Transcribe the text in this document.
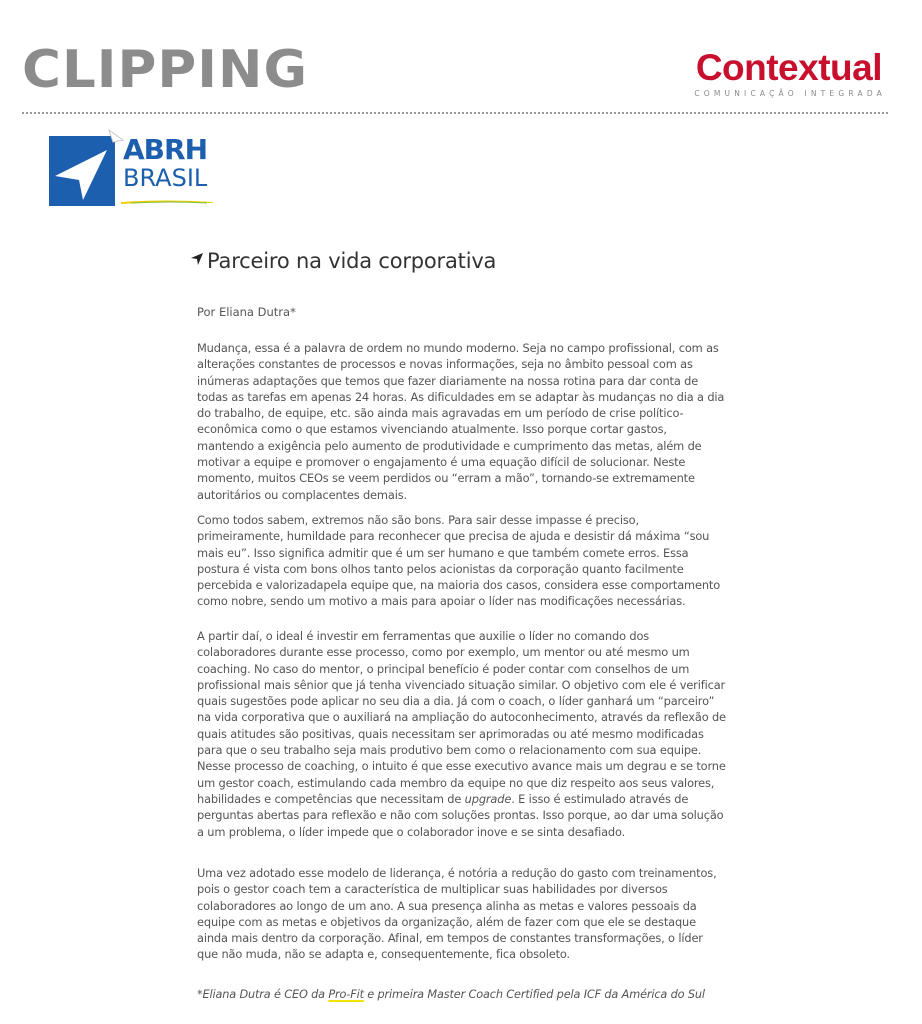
CLIPPING	Contextual
COMUNICAÇÃO INTEGRADA
ABRH
BRASIL
Parceiro na vida corporativa
Por Eliana Dutra*

Mudança, essa é a palavra de ordem no mundo moderno. Seja no campo profissional, com as alterações constantes de processos e novas informações, seja no âmbito pessoal com as inúmeras adaptações que temos que fazer diariamente na nossa rotina para dar conta de todas as tarefas em apenas 24 horas. As dificuldades em se adaptar às mudanças no dia a dia do trabalho, de equipe, etc. são ainda mais agravadas em um período de crise político-econômica como o que estamos vivenciando atualmente. Isso porque cortar gastos, mantendo a exigência pelo aumento de produtividade e cumprimento das metas, além de motivar a equipe e promover o engajamento é uma equação difícil de solucionar. Neste momento, muitos CEOs se veem perdidos ou “erram a mão”, tornando-se extremamente autoritários ou complacentes demais.

Como todos sabem, extremos não são bons. Para sair desse impasse é preciso, primeiramente, humildade para reconhecer que precisa de ajuda e desistir dá máxima “sou mais eu”. Isso significa admitir que é um ser humano e que também comete erros. Essa postura é vista com bons olhos tanto pelos acionistas da corporação quanto facilmente percebida e valorizadapela equipe que, na maioria dos casos, considera esse comportamento como nobre, sendo um motivo a mais para apoiar o líder nas modificações necessárias.

A partir daí, o ideal é investir em ferramentas que auxilie o líder no comando dos colaboradores durante esse processo, como por exemplo, um mentor ou até mesmo um coaching. No caso do mentor, o principal benefício é poder contar com conselhos de um profissional mais sênior que já tenha vivenciado situação similar. O objetivo com ele é verificar quais sugestões pode aplicar no seu dia a dia. Já com o coach, o líder ganhará um “parceiro” na vida corporativa que o auxiliará na ampliação do autoconhecimento, através da reflexão de quais atitudes são positivas, quais necessitam ser aprimoradas ou até mesmo modificadas para que o seu trabalho seja mais produtivo bem como o relacionamento com sua equipe. Nesse processo de coaching, o intuito é que esse executivo avance mais um degrau e se torne um gestor coach, estimulando cada membro da equipe no que diz respeito aos seus valores, habilidades e competências que necessitam de upgrade. E isso é estimulado através de perguntas abertas para reflexão e não com soluções prontas. Isso porque, ao dar uma solução a um problema, o líder impede que o colaborador inove e se sinta desafiado.

Uma vez adotado esse modelo de liderança, é notória a redução do gasto com treinamentos, pois o gestor coach tem a característica de multiplicar suas habilidades por diversos colaboradores ao longo de um ano. A sua presença alinha as metas e valores pessoais da equipe com as metas e objetivos da organização, além de fazer com que ele se destaque ainda mais dentro da corporação. Afinal, em tempos de constantes transformações, o líder que não muda, não se adapta e, consequentemente, fica obsoleto.

*Eliana Dutra é CEO da Pro-Fit e primeira Master Coach Certified pela ICF da América do Sul
